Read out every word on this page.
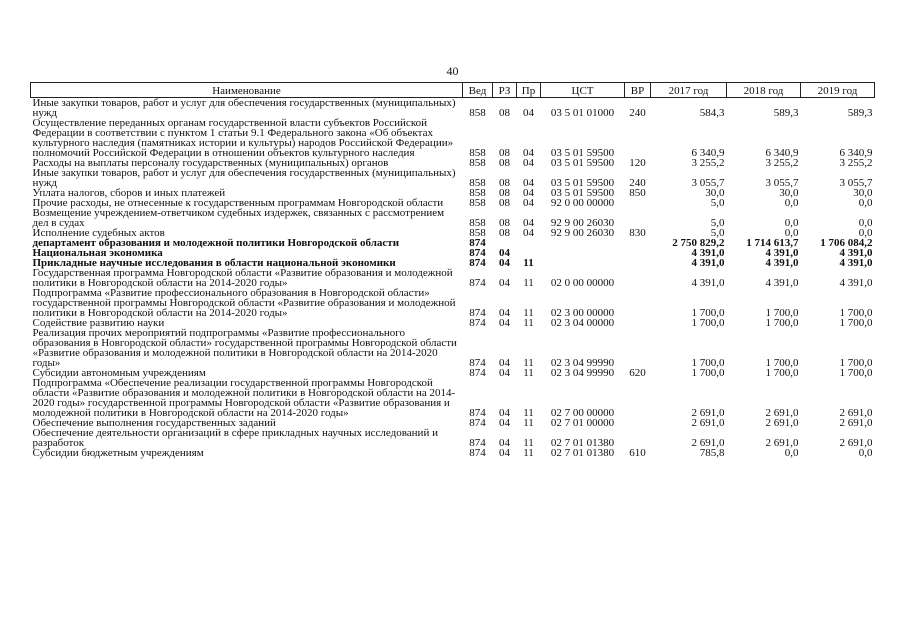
40
Наименование	Вед	РЗ	Пр	ЦСТ	ВР	2017 год	2018 год	2019 год
Иные закупки товаров, работ и услуг для обеспечения государственных (муниципальных) нужд	858	08	04	03 5 01 01000	240	584,3	589,3	589,3
Осуществление переданных органам государственной власти субъектов Российской Федерации в соответствии с пунктом 1 статьи 9.1 Федерального закона «Об объектах культурного наследия (памятниках истории и культуры) народов Российской Федерации» полномочий Российской Федерации в отношении объектов культурного наследия	858	08	04	03 5 01 59500		6 340,9	6 340,9	6 340,9
Расходы на выплаты персоналу государственных (муниципальных) органов	858	08	04	03 5 01 59500	120	3 255,2	3 255,2	3 255,2
Иные закупки товаров, работ и услуг для обеспечения государственных (муниципальных) нужд	858	08	04	03 5 01 59500	240	3 055,7	3 055,7	3 055,7
Уплата налогов, сборов и иных платежей	858	08	04	03 5 01 59500	850	30,0	30,0	30,0
Прочие расходы, не отнесенные к государственным программам Новгородской области	858	08	04	92 0 00 00000		5,0	0,0	0,0
Возмещение учреждением-ответчиком судебных издержек, связанных с рассмотрением дел в судах	858	08	04	92 9 00 26030		5,0	0,0	0,0
Исполнение судебных актов	858	08	04	92 9 00 26030	830	5,0	0,0	0,0
департамент образования и молодежной политики Новгородской области	874					2 750 829,2	1 714 613,7	1 706 084,2
Национальная экономика	874	04				4 391,0	4 391,0	4 391,0
Прикладные научные исследования в области национальной экономики	874	04	11			4 391,0	4 391,0	4 391,0
Государственная программа Новгородской области «Развитие образования и молодежной политики в Новгородской области на 2014-2020 годы»	874	04	11	02 0 00 00000		4 391,0	4 391,0	4 391,0
Подпрограмма «Развитие профессионального образования в Новгородской области» государственной программы Новгородской области «Развитие образования и молодежной политики в Новгородской области на 2014-2020 годы»	874	04	11	02 3 00 00000		1 700,0	1 700,0	1 700,0
Содействие развитию науки	874	04	11	02 3 04 00000		1 700,0	1 700,0	1 700,0
Реализация прочих мероприятий подпрограммы «Развитие профессионального образования в Новгородской области» государственной программы Новгородской области «Развитие образования и молодежной политики в Новгородской области на 2014-2020 годы»	874	04	11	02 3 04 99990		1 700,0	1 700,0	1 700,0
Субсидии автономным учреждениям	874	04	11	02 3 04 99990	620	1 700,0	1 700,0	1 700,0
Подпрограмма «Обеспечение реализации государственной программы Новгородской области «Развитие образования и молодежной политики в Новгородской области на 2014-2020 годы» государственной программы Новгородской области «Развитие образования и молодежной политики в Новгородской области на 2014-2020 годы»	874	04	11	02 7 00 00000		2 691,0	2 691,0	2 691,0
Обеспечение выполнения государственных заданий	874	04	11	02 7 01 00000		2 691,0	2 691,0	2 691,0
Обеспечение деятельности организаций в сфере прикладных научных исследований и разработок	874	04	11	02 7 01 01380		2 691,0	2 691,0	2 691,0
Субсидии бюджетным учреждениям	874	04	11	02 7 01 01380	610	785,8	0,0	0,0
